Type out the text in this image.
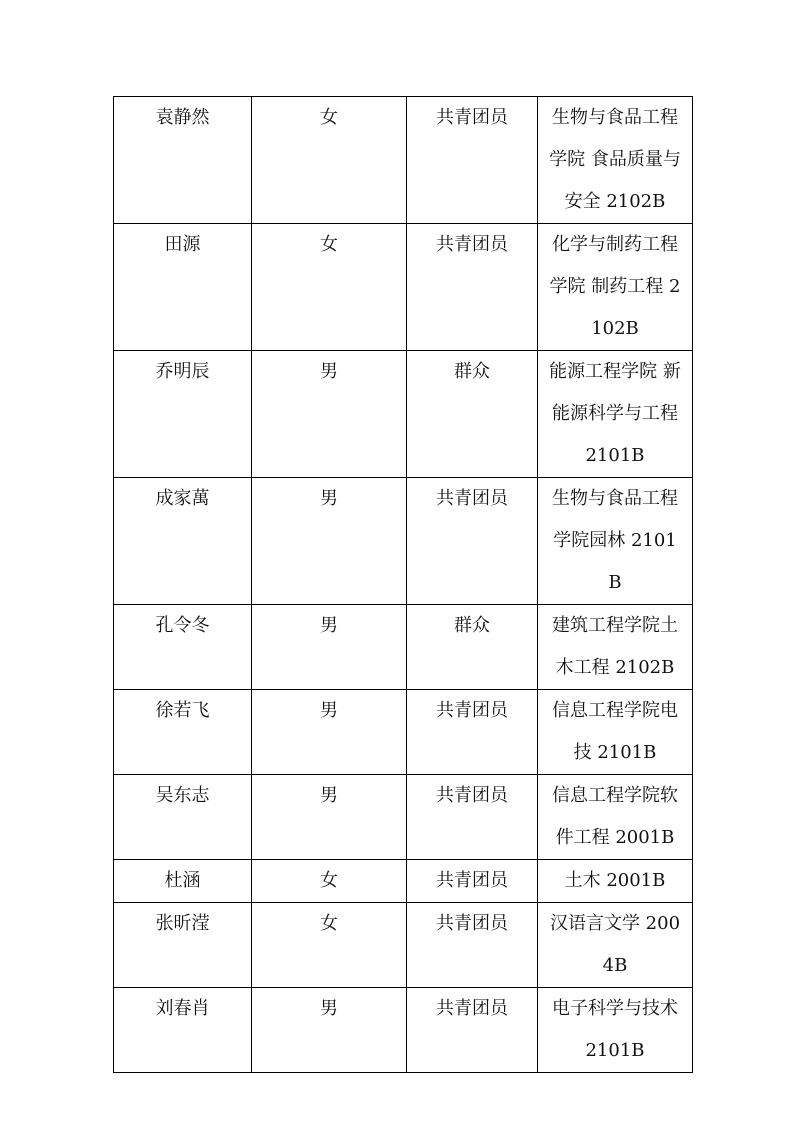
袁静然	女	共青团员	生物与食品工程学院 食品质量与安全 2102B

田源	女	共青团员	化学与制药工程学院 制药工程 2102B

乔明辰	男	群众	能源工程学院 新能源科学与工程 2101B

成家萬	男	共青团员	生物与食品工程学院园林 2101B

孔令冬	男	群众	建筑工程学院土木工程 2102B

徐若飞	男	共青团员	信息工程学院电技 2101B

吴东志	男	共青团员	信息工程学院软件工程 2001B

杜涵	女	共青团员	土木 2001B

张昕滢	女	共青团员	汉语言文学 2004B

刘春肖	男	共青团员	电子科学与技术 2101B
